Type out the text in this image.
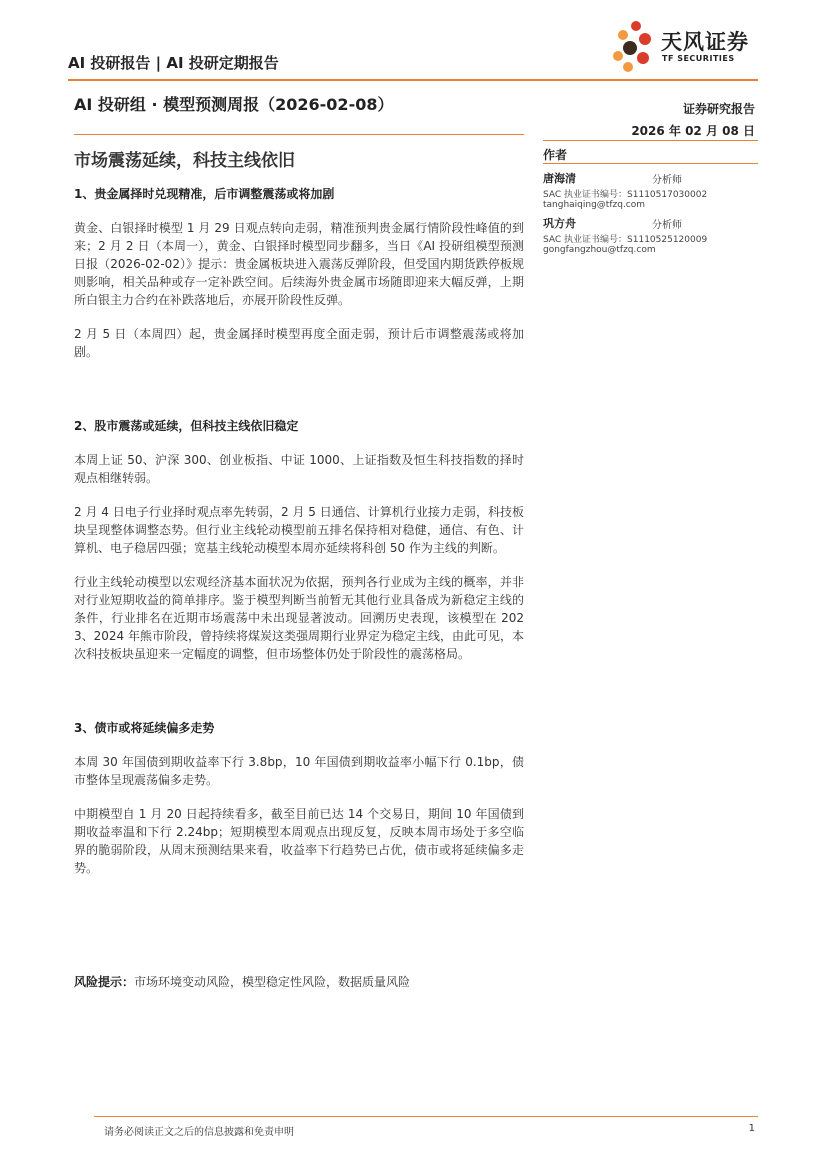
AI 投研报告 | AI 投研定期报告
天风证券
TF SECURITIES
AI 投研组 · 模型预测周报（2026-02-08）	证券研究报告
2026 年 02 月 08 日
市场震荡延续，科技主线依旧	作者
唐海清	分析师
SAC 执业证书编号：S1110517030002
tanghaiqing@tfzq.com
巩方舟	分析师
SAC 执业证书编号：S1110525120009
gongfangzhou@tfzq.com
1、贵金属择时兑现精准，后市调整震荡或将加剧

黄金、白银择时模型 1 月 29 日观点转向走弱，精准预判贵金属行情阶段性峰值的到来；2 月 2 日（本周一），黄金、白银择时模型同步翻多，当日《AI 投研组模型预测日报（2026-02-02）》提示：贵金属板块进入震荡反弹阶段，但受国内期货跌停板规则影响，相关品种或存一定补跌空间。后续海外贵金属市场随即迎来大幅反弹，上期所白银主力合约在补跌落地后，亦展开阶段性反弹。

2 月 5 日（本周四）起，贵金属择时模型再度全面走弱，预计后市调整震荡或将加剧。

2、股市震荡或延续，但科技主线依旧稳定

本周上证 50、沪深 300、创业板指、中证 1000、上证指数及恒生科技指数的择时观点相继转弱。

2 月 4 日电子行业择时观点率先转弱，2 月 5 日通信、计算机行业接力走弱，科技板块呈现整体调整态势。但行业主线轮动模型前五排名保持相对稳健，通信、有色、计算机、电子稳居四强；宽基主线轮动模型本周亦延续将科创 50 作为主线的判断。

行业主线轮动模型以宏观经济基本面状况为依据，预判各行业成为主线的概率，并非对行业短期收益的简单排序。鉴于模型判断当前暂无其他行业具备成为新稳定主线的条件，行业排名在近期市场震荡中未出现显著波动。回溯历史表现，该模型在 2023、2024 年熊市阶段，曾持续将煤炭这类强周期行业界定为稳定主线，由此可见，本次科技板块虽迎来一定幅度的调整，但市场整体仍处于阶段性的震荡格局。

3、债市或将延续偏多走势

本周 30 年国债到期收益率下行 3.8bp，10 年国债到期收益率小幅下行 0.1bp，债市整体呈现震荡偏多走势。

中期模型自 1 月 20 日起持续看多，截至目前已达 14 个交易日，期间 10 年国债到期收益率温和下行 2.24bp；短期模型本周观点出现反复，反映本周市场处于多空临界的脆弱阶段，从周末预测结果来看，收益率下行趋势已占优，债市或将延续偏多走势。

风险提示：市场环境变动风险，模型稳定性风险，数据质量风险
请务必阅读正文之后的信息披露和免责申明	1
